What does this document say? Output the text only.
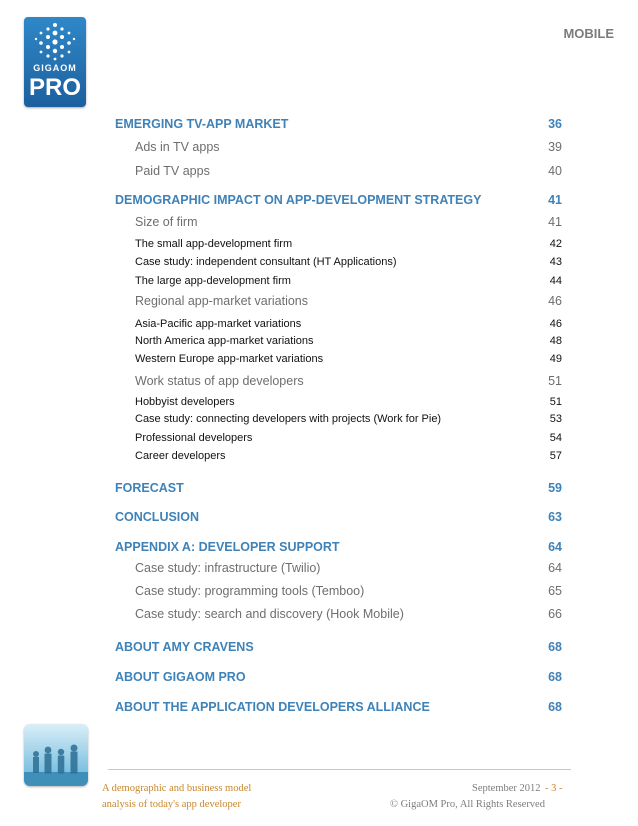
GIGAOM
PRO
MOBILE
EMERGING TV-APP MARKET	36
Ads in TV apps	39
Paid TV apps	40
DEMOGRAPHIC IMPACT ON APP-DEVELOPMENT STRATEGY	41
Size of firm	41
The small app-development firm	42
Case study: independent consultant (HT Applications)	43
The large app-development firm	44
Regional app-market variations	46
Asia-Pacific app-market variations	46
North America app-market variations	48
Western Europe app-market variations	49
Work status of app developers	51
Hobbyist developers	51
Case study: connecting developers with projects (Work for Pie)	53
Professional developers	54
Career developers	57
FORECAST	59
CONCLUSION	63
APPENDIX A: DEVELOPER SUPPORT	64
Case study: infrastructure (Twilio)	64
Case study: programming tools (Temboo)	65
Case study: search and discovery (Hook Mobile)	66
ABOUT AMY CRAVENS	68
ABOUT GIGAOM PRO	68
ABOUT THE APPLICATION DEVELOPERS ALLIANCE	68
A demographic and business model
analysis of today's app developer
September 2012 - 3 -
© GigaOM Pro, All Rights Reserved
